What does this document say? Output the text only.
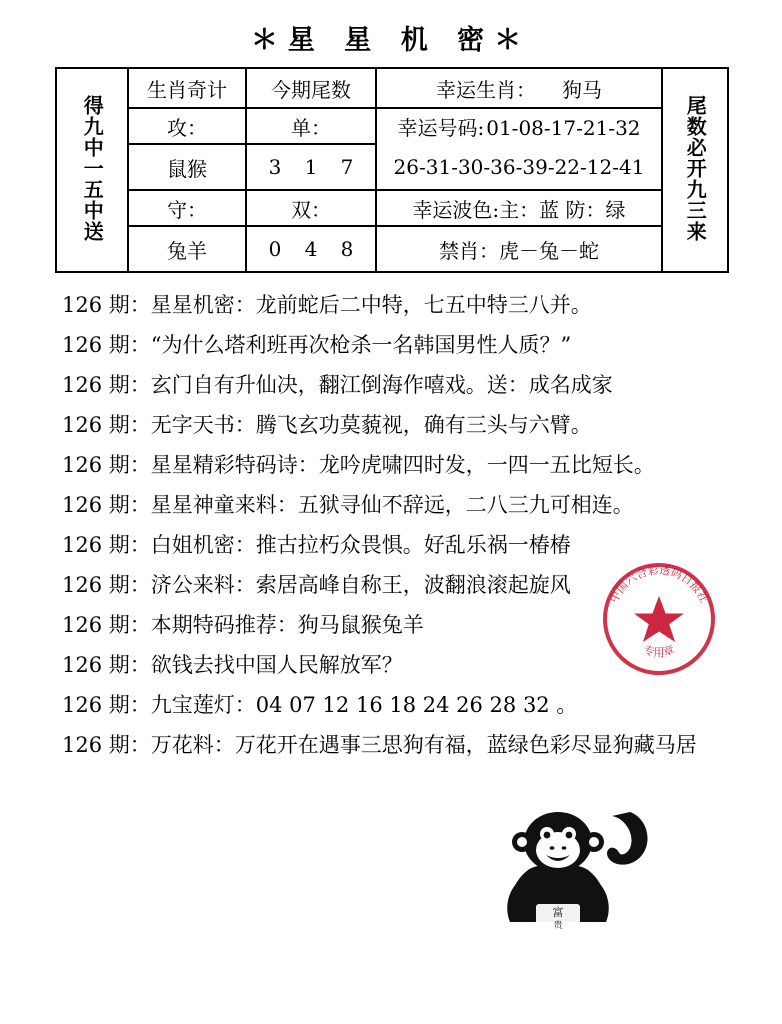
＊星 星 机 密＊
得九中一五中送	生肖奇计	今期尾数	幸运生肖： 狗马	尾数必开九三来
	攻：	单：	幸运号码: 01-08-17-21-32	
	鼠猴	3 1 7	26-31-30-36-39-22-12-41	
	守：	双：	幸运波色:主：蓝 防：绿	
	兔羊	0 4 8	禁肖：虎－兔－蛇	
126 期：星星机密：龙前蛇后二中特，七五中特三八并。
126 期：“为什么塔利班再次枪杀一名韩国男性人质？”
126 期：玄门自有升仙决，翻江倒海作嘻戏。送：成名成家
126 期：无字天书：腾飞玄功莫藐视，确有三头与六臂。
126 期：星星精彩特码诗：龙吟虎啸四时发，一四一五比短长。
126 期：星星神童来料：五狱寻仙不辞远，二八三九可相连。
126 期：白姐机密：推古拉朽众畏惧。好乱乐祸一椿椿
126 期：济公来料：索居高峰自称王，波翻浪滚起旋风
126 期：本期特码推荐：狗马鼠猴兔羊
126 期：欲钱去找中国人民解放军？
126 期：九宝莲灯：04 07 12 16 18 24 26 28 32 。
126 期：万花料：万花开在遇事三思狗有福，蓝绿色彩尽显狗藏马居
中国六合彩透码日报社
专用章
富
贵
